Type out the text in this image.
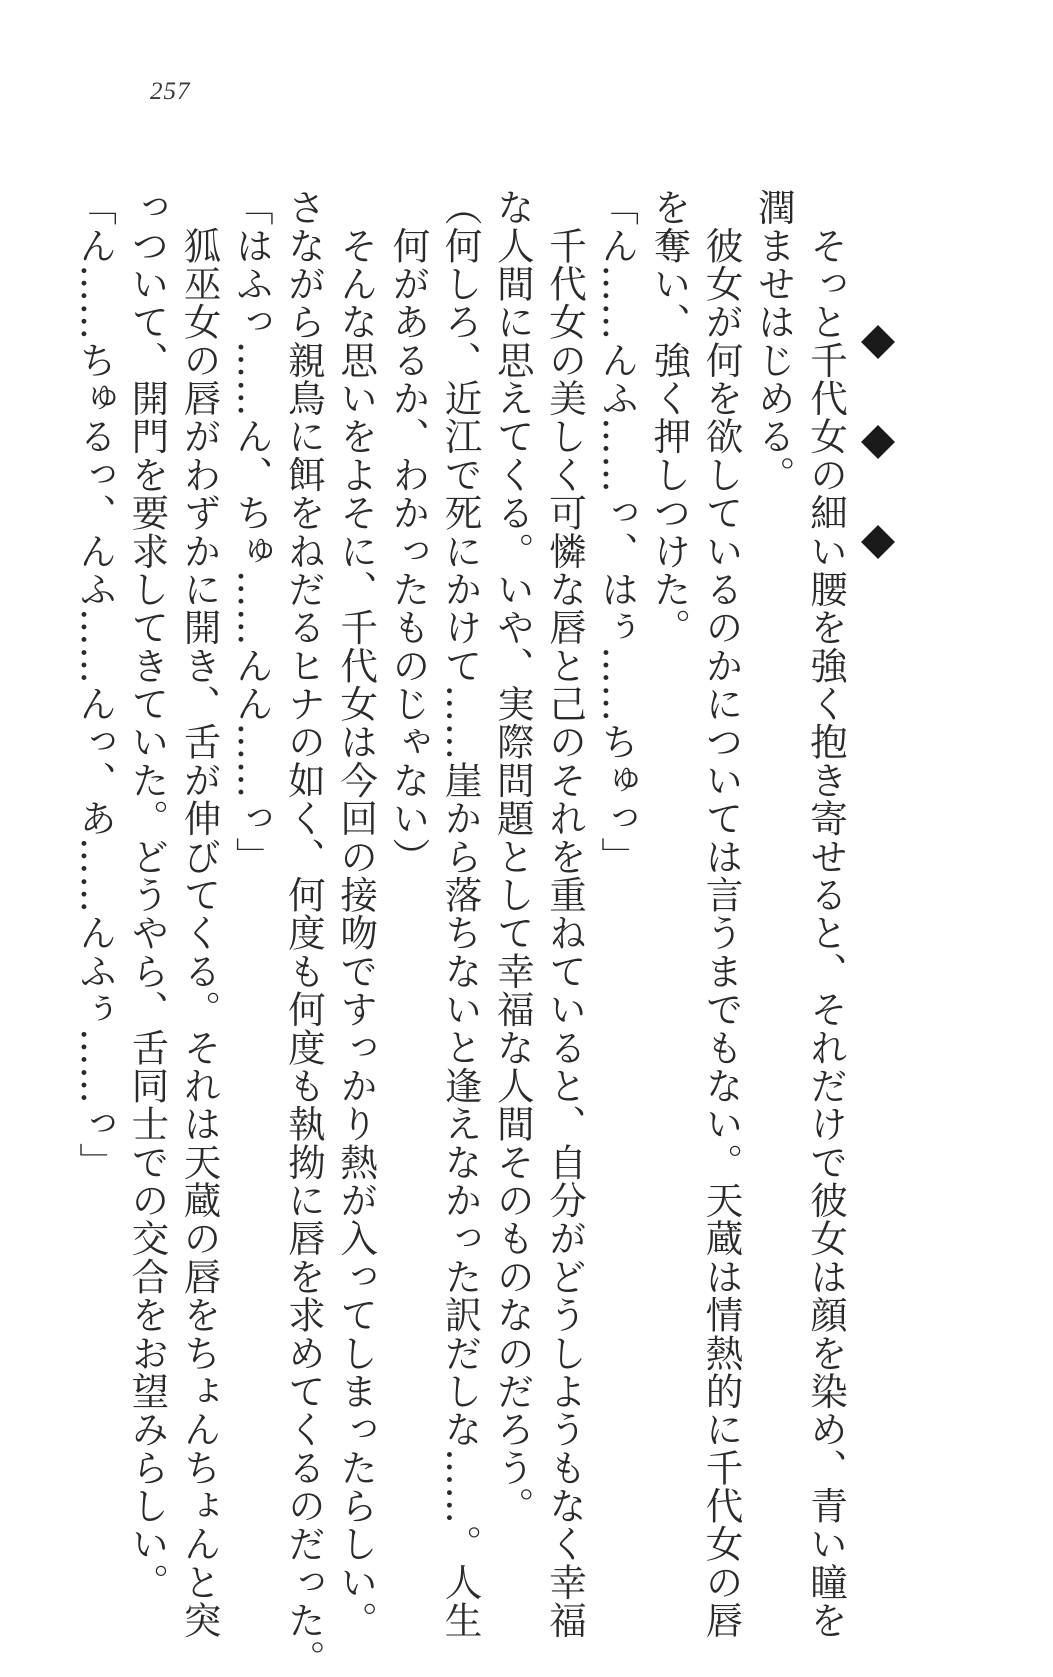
257

　そっと千代女の細い腰を強く抱き寄せると、それだけで彼女は顔を染め、青い瞳を

潤ませはじめる。

　彼女が何を欲しているのかについては言うまでもない。天蔵は情熱的に千代女の唇

を奪い、強く押しつけた。

「ん……んふ……っ、はぅ……ちゅっ」

　千代女の美しく可憐な唇と己のそれを重ねていると、自分がどうしようもなく幸福

な人間に思えてくる。いや、実際問題として幸福な人間そのものなのだろう。

（何しろ、近江で死にかけて……崖から落ちないと逢えなかった訳だしな……。人生

　何があるか、わかったものじゃない）

　そんな思いをよそに、千代女は今回の接吻ですっかり熱が入ってしまったらしい。

さながら親鳥に餌をねだるヒナの如く、何度も何度も執拗に唇を求めてくるのだった。

「はふっ……ん、ちゅ……んん……っ」

　狐巫女の唇がわずかに開き、舌が伸びてくる。それは天蔵の唇をちょんちょんと突

っついて、開門を要求してきていた。どうやら、舌同士での交合をお望みらしい。

「ん……ちゅるっ、んふ……んっ、あ……んふぅ……っ」
